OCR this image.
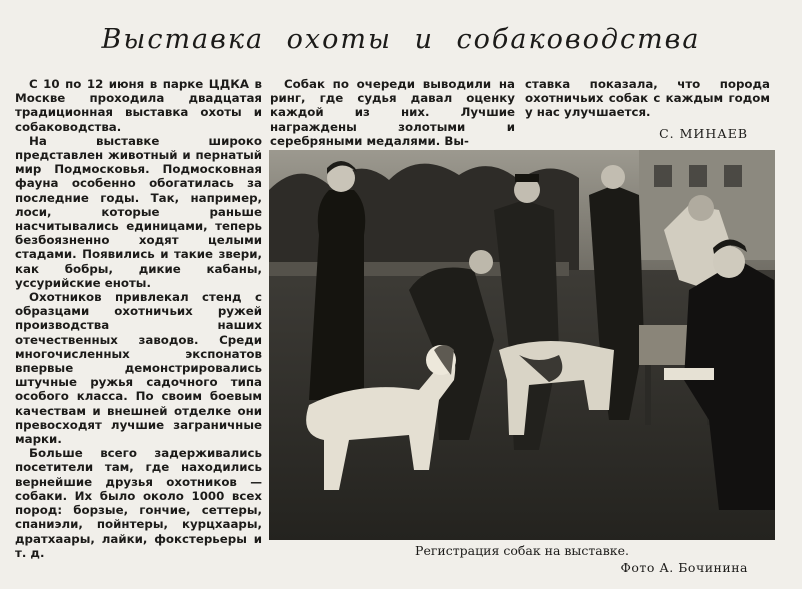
Выставка охоты и собаководства

С 10 по 12 июня в парке ЦДКА в Москве проходила двадцатая традиционная выставка охоты и собаководства.

На выставке широко представлен животный и пернатый мир Подмосковья. Подмосковная фауна особенно обогатилась за последние годы. Так, например, лоси, которые раньше насчитывались единицами, теперь безбоязненно ходят целыми стадами. Появились и такие звери, как бобры, дикие кабаны, уссурийские еноты.

Охотников привлекал стенд с образцами охотничьих ружей производства наших отечественных заводов. Среди многочисленных экспонатов впервые демонстрировались штучные ружья садочного типа особого класса. По своим боевым качествам и внешней отделке они превосходят лучшие заграничные марки.

Больше всего задерживались посетители там, где находились вернейшие друзья охотников — собаки. Их было около 1000 всех пород: борзые, гончие, сеттеры, спаниэли, пойнтеры, курцхаары, дратхаары, лайки, фокстерьеры и т. д.

Собак по очереди выводили на ринг, где судья давал оценку каждой из них. Лучшие награждены золотыми и серебряными медалями. Вы-

ставка показала, что порода охотничьих собак с каждым годом у нас улучшается.

С. МИНАЕВ
Регистрация собак на выставке.
Фото А. Бочинина
